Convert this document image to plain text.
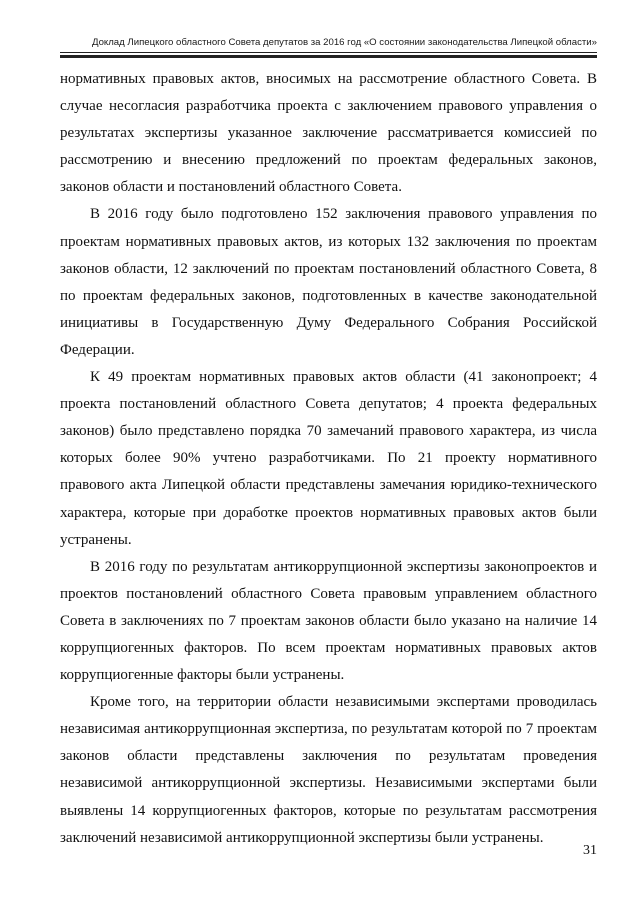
Доклад Липецкого областного Совета депутатов за 2016 год «О состоянии законодательства Липецкой области»

нормативных правовых актов, вносимых на рассмотрение областного Совета. В случае несогласия разработчика проекта с заключением правового управления о результатах экспертизы указанное заключение рассматривается комиссией по рассмотрению и внесению предложений по проектам федеральных законов, законов области и постановлений областного Совета.

В 2016 году было подготовлено 152 заключения правового управления по проектам нормативных правовых актов, из которых 132 заключения по проектам законов области, 12 заключений по проектам постановлений областного Совета, 8 по проектам федеральных законов, подготовленных в качестве законодательной инициативы в Государственную Думу Федерального Собрания Российской Федерации.

К 49 проектам нормативных правовых актов области (41 законопроект; 4 проекта постановлений областного Совета депутатов; 4 проекта федеральных законов) было представлено порядка 70 замечаний правового характера, из числа которых более 90% учтено разработчиками. По 21 проекту нормативного правового акта Липецкой области представлены замечания юридико-технического характера, которые при доработке проектов нормативных правовых актов были устранены.

В 2016 году по результатам антикоррупционной экспертизы законопроектов и проектов постановлений областного Совета правовым управлением областного Совета в заключениях по 7 проектам законов области было указано на наличие 14 коррупциогенных факторов. По всем проектам нормативных правовых актов коррупциогенные факторы были устранены.

Кроме того, на территории области независимыми экспертами проводилась независимая антикоррупционная экспертиза, по результатам которой по 7 проектам законов области представлены заключения по результатам проведения независимой антикоррупционной экспертизы. Независимыми экспертами были выявлены 14 коррупциогенных факторов, которые по результатам рассмотрения заключений независимой антикоррупционной экспертизы были устранены.

31
